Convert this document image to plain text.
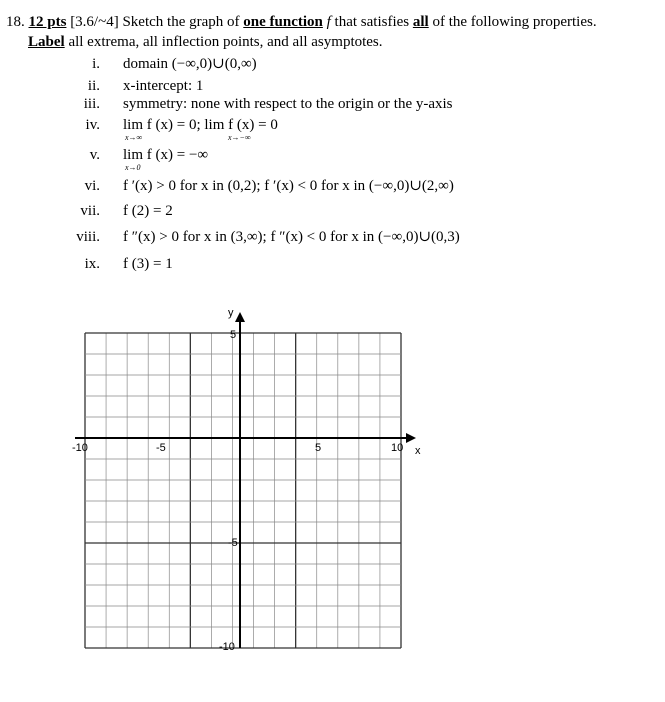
18. 12 pts [3.6/~4] Sketch the graph of one function f that satisfies all of the following properties.
Label all extrema, all inflection points, and all asymptotes.
i. domain (−∞,0)∪(0,∞)
ii. x-intercept: 1
iii. symmetry: none with respect to the origin or the y-axis
iv. lim f (x) = 0; lim f (x) = 0
x→∞	x→−∞
v. lim f (x) = −∞
x→0
vi. f ′(x) > 0 for x in (0,2); f ′(x) < 0 for x in (−∞,0)∪(2,∞)
vii. f (2) = 2
viii. f ″(x) > 0 for x in (3,∞); f ″(x) < 0 for x in (−∞,0)∪(0,3)
ix. f (3) = 1
-10	-5	5	10
5
-5
-10
x
y
